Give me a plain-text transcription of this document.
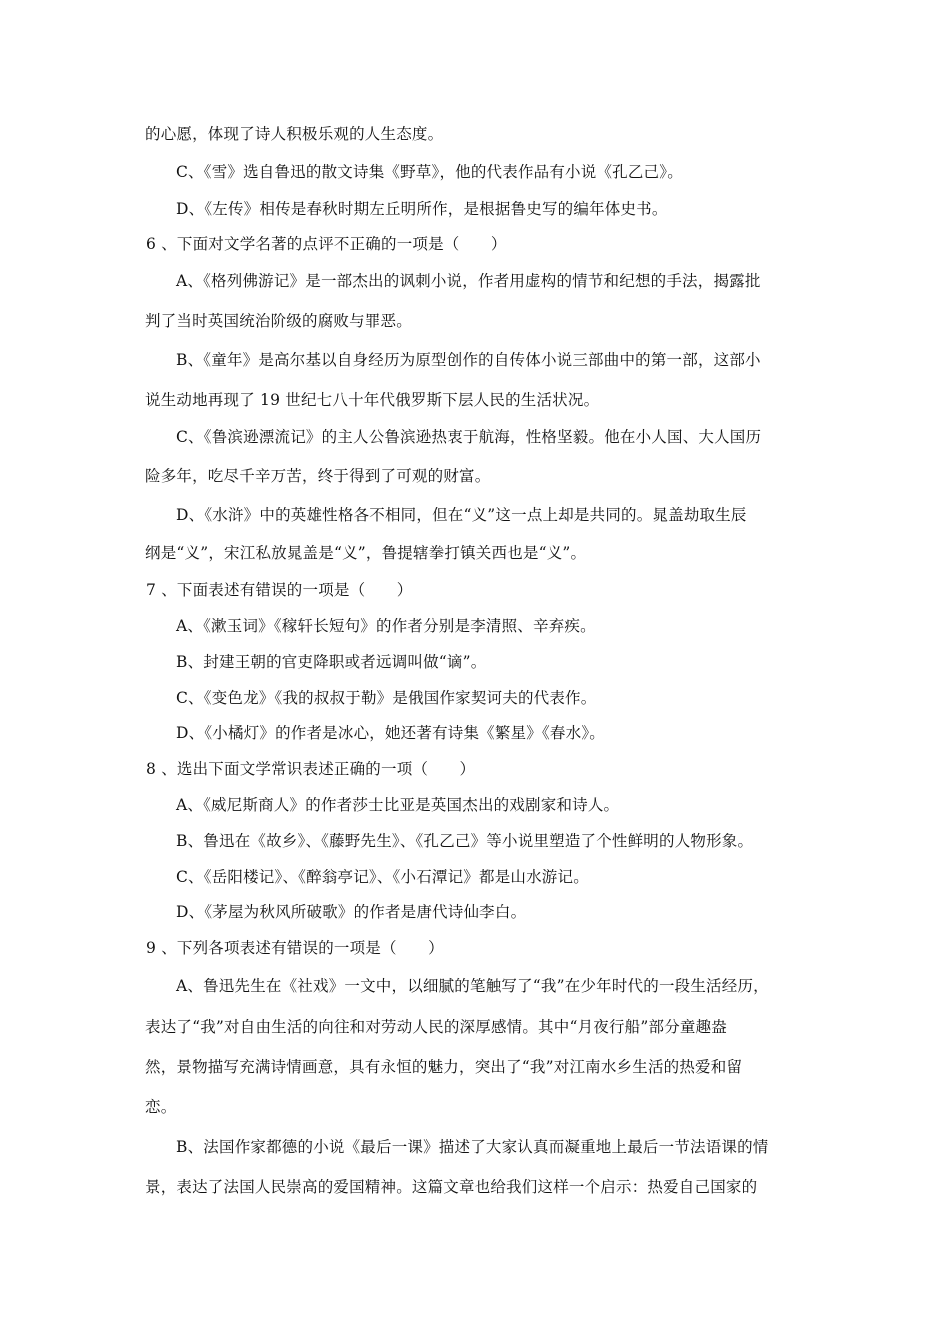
的心愿，体现了诗人积极乐观的人生态度。
C、《雪》选自鲁迅的散文诗集《野草》，他的代表作品有小说《孔乙己》。
D、《左传》相传是春秋时期左丘明所作，是根据鲁史写的编年体史书。
6 、下面对文学名著的点评不正确的一项是（　　）
A、《格列佛游记》是一部杰出的讽刺小说，作者用虚构的情节和纪想的手法，揭露批
判了当时英国统治阶级的腐败与罪恶。
B、《童年》是高尔基以自身经历为原型创作的自传体小说三部曲中的第一部，这部小
说生动地再现了 19 世纪七八十年代俄罗斯下层人民的生活状况。
C、《鲁滨逊漂流记》的主人公鲁滨逊热衷于航海，性格坚毅。他在小人国、大人国历
险多年，吃尽千辛万苦，终于得到了可观的财富。
D、《水浒》中的英雄性格各不相同，但在“义”这一点上却是共同的。晁盖劫取生辰
纲是“义”，宋江私放晁盖是“义”，鲁提辖拳打镇关西也是“义”。
7 、下面表述有错误的一项是（　　）
A、《漱玉词》《稼轩长短句》的作者分别是李清照、辛弃疾。
B、封建王朝的官吏降职或者远调叫做“谪”。
C、《变色龙》《我的叔叔于勒》是俄国作家契诃夫的代表作。
D、《小橘灯》的作者是冰心，她还著有诗集《繁星》《春水》。
8 、选出下面文学常识表述正确的一项（　　）
A、《威尼斯商人》的作者莎士比亚是英国杰出的戏剧家和诗人。
B、鲁迅在《故乡》、《藤野先生》、《孔乙己》等小说里塑造了个性鲜明的人物形象。
C、《岳阳楼记》、《醉翁亭记》、《小石潭记》都是山水游记。
D、《茅屋为秋风所破歌》的作者是唐代诗仙李白。
9 、下列各项表述有错误的一项是（　　）
A、鲁迅先生在《社戏》一文中，以细腻的笔触写了“我”在少年时代的一段生活经历，
表达了“我”对自由生活的向往和对劳动人民的深厚感情。其中“月夜行船”部分童趣盎
然，景物描写充满诗情画意，具有永恒的魅力，突出了“我”对江南水乡生活的热爱和留
恋。
B、法国作家都德的小说《最后一课》描述了大家认真而凝重地上最后一节法语课的情
景，表达了法国人民崇高的爱国精神。这篇文章也给我们这样一个启示：热爱自己国家的
